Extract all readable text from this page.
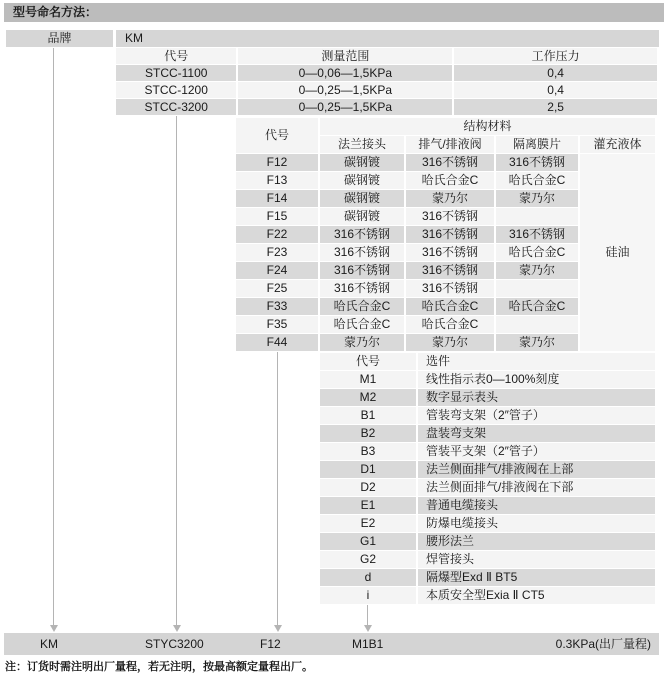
型号命名方法：
品牌	KM
代号	测量范围	工作压力
STCC-1100	0—0,06—1,5KPa	0,4
STCC-1200	0—0,25—1,5KPa	0,4
STCC-3200	0—0,25—1,5KPa	2,5
代号	结构材料			
	法兰接头	排气/排液阀	隔离膜片	灌充液体
F12	碳钢镀	316不锈钢	316不锈钢	硅油
F13	碳钢镀	哈氏合金C	哈氏合金C	
F14	碳钢镀	蒙乃尔	蒙乃尔	
F15	碳钢镀	316不锈钢		
F22	316不锈钢	316不锈钢	316不锈钢	
F23	316不锈钢	316不锈钢	哈氏合金C	
F24	316不锈钢	316不锈钢	蒙乃尔	
F25	316不锈钢	316不锈钢		
F33	哈氏合金C	哈氏合金C	哈氏合金C	
F35	哈氏合金C	哈氏合金C		
F44	蒙乃尔	蒙乃尔	蒙乃尔	
代号	选件
M1	线性指示表0—100%刻度
M2	数字显示表头
B1	管装弯支架（2″管子）
B2	盘装弯支架
B3	管装平支架（2″管子）
D1	法兰侧面排气/排液阀在上部
D2	法兰侧面排气/排液阀在下部
E1	普通电缆接头
E2	防爆电缆接头
G1	腰形法兰
G2	焊管接头
d	隔爆型Exd Ⅱ BT5
i	本质安全型Exia Ⅱ CT5
KM	STYC3200	F12	M1B1	0.3KPa(出厂量程)
注：订货时需注明出厂量程，若无注明，按最高额定量程出厂。
